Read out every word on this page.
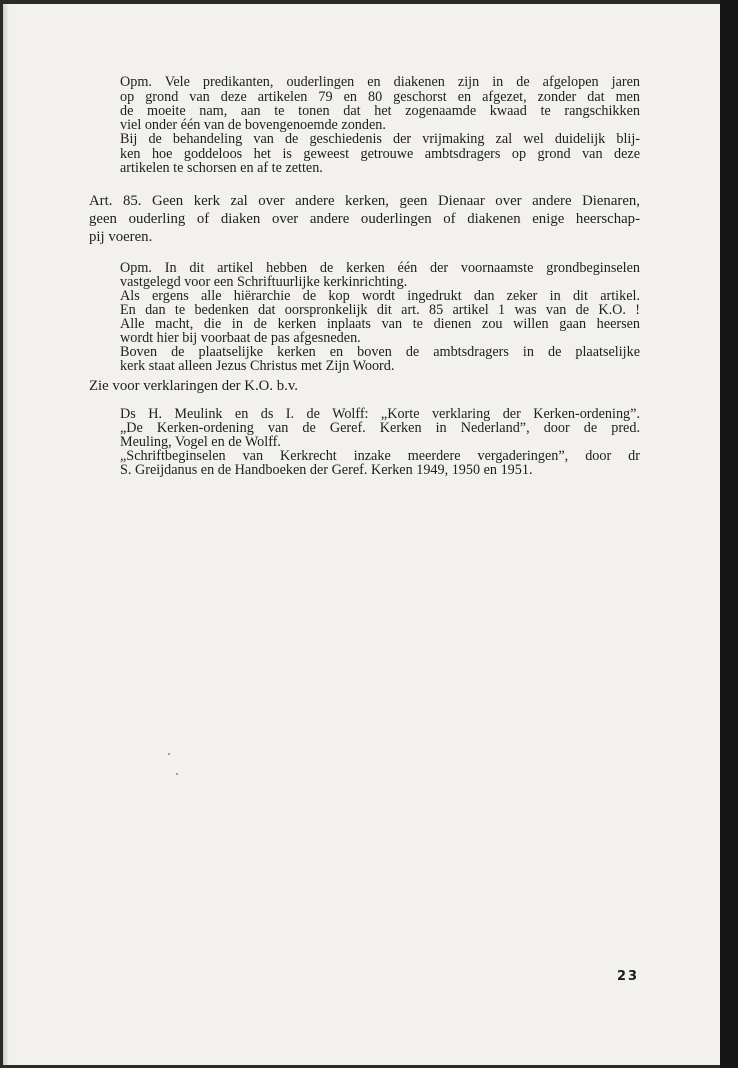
Opm. Vele predikanten, ouderlingen en diakenen zijn in de afgelopen jaren
op grond van deze artikelen 79 en 80 geschorst en afgezet, zonder dat men
de moeite nam, aan te tonen dat het zogenaamde kwaad te rangschikken
viel onder één van de bovengenoemde zonden.
Bij de behandeling van de geschiedenis der vrijmaking zal wel duidelijk blij-
ken hoe goddeloos het is geweest getrouwe ambtsdragers op grond van deze
artikelen te schorsen en af te zetten.
Art. 85. Geen kerk zal over andere kerken, geen Dienaar over andere Dienaren,
geen ouderling of diaken over andere ouderlingen of diakenen enige heerschap-
pij voeren.
Opm. In dit artikel hebben de kerken één der voornaamste grondbeginselen
vastgelegd voor een Schriftuurlijke kerkinrichting.
Als ergens alle hiërarchie de kop wordt ingedrukt dan zeker in dit artikel.
En dan te bedenken dat oorspronkelijk dit art. 85 artikel 1 was van de K.O. !
Alle macht, die in de kerken inplaats van te dienen zou willen gaan heersen
wordt hier bij voorbaat de pas afgesneden.
Boven de plaatselijke kerken en boven de ambtsdragers in de plaatselijke
kerk staat alleen Jezus Christus met Zijn Woord.
Zie voor verklaringen der K.O. b.v.
Ds H. Meulink en ds I. de Wolff: „Korte verklaring der Kerken-ordening”.
„De Kerken-ordening van de Geref. Kerken in Nederland”, door de pred.
Meuling, Vogel en de Wolff.
„Schriftbeginselen van Kerkrecht inzake meerdere vergaderingen”, door dr
S. Greijdanus en de Handboeken der Geref. Kerken 1949, 1950 en 1951.
23
